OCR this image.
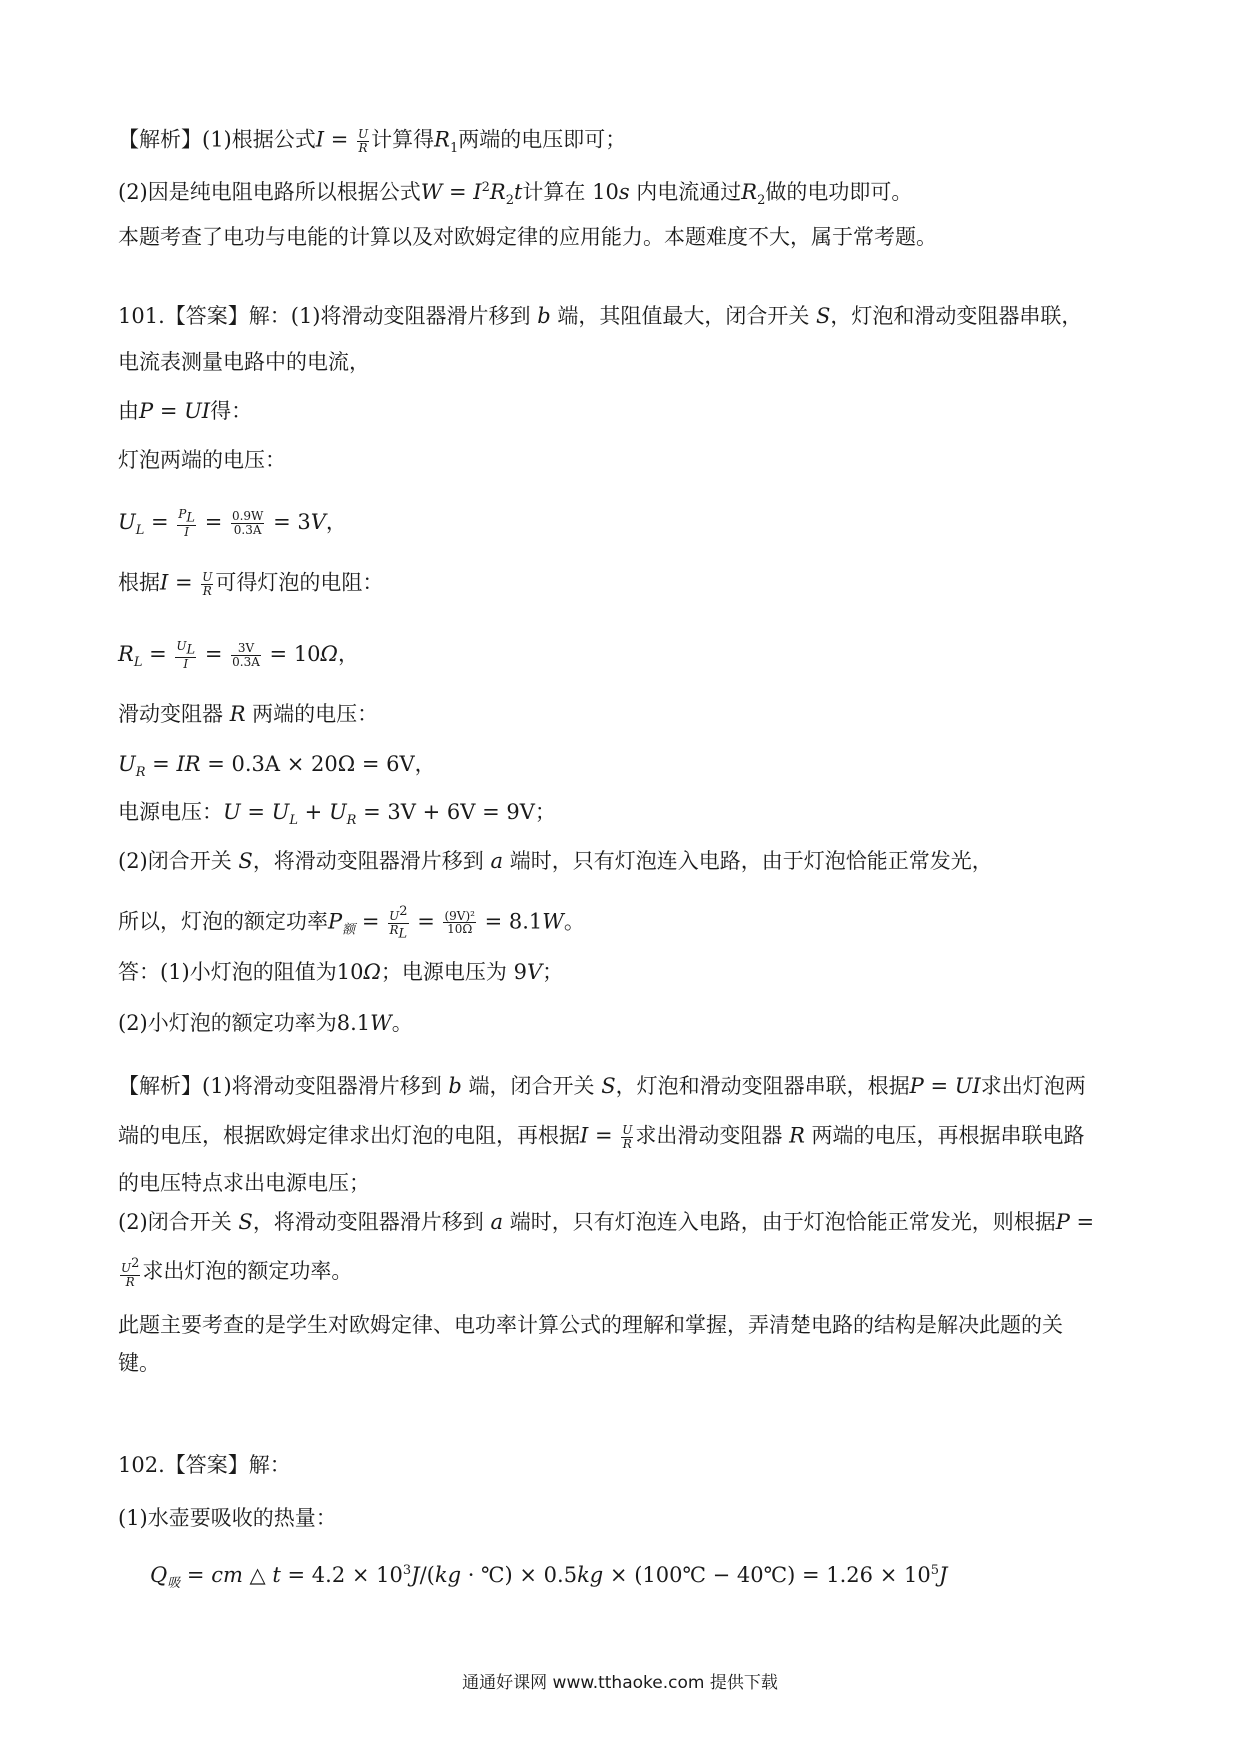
【解析】(1)根据公式$I = \frac{U}{R}$ 计算得$R_1$两端的电压即可；
(2)因是纯电阻电路所以根据公式$W = I^2R_2t$计算在 10s 内电流通过$R_2$做的电功即可。
本题考查了电功与电能的计算以及对欧姆定律的应用能力。本题难度不大，属于常考题。
101.【答案】解：(1)将滑动变阻器滑片移到 b 端，其阻值最大，闭合开关 S，灯泡和滑动变阻器串联，
电流表测量电路中的电流，
由P = UI得：
灯泡两端的电压：
$U_L = \frac{P_L}{I} = \frac{0.9W}{0.3A} = 3V$，
根据$I = \frac{U}{R}$ 可得灯泡的电阻：
$R_L = \frac{U_L}{I} = \frac{3V}{0.3A} = 10\Omega$，
滑动变阻器 R 两端的电压：
$U_R$ = IR = 0.3A × 20Ω = 6V，
电源电压：$U = U_L + U_R = 3V + 6V = 9V$；
(2)闭合开关 S，将滑动变阻器滑片移到 a 端时，只有灯泡连入电路，由于灯泡恰能正常发光，
所以，灯泡的额定功率$P_额 = \frac{U^2}{R_L} = \frac{\text{(9V)²}}{10\Omega} = 8.1W$。
答：(1)小灯泡的阻值为10Ω；电源电压为 9V；
(2)小灯泡的额定功率为8.1W。
【解析】(1)将滑动变阻器滑片移到 b 端，闭合开关 S，灯泡和滑动变阻器串联，根据P = UI求出灯泡两
端的电压，根据欧姆定律求出灯泡的电阻，再根据$I = \frac{U}{R}$ 求出滑动变阻器 R 两端的电压，再根据串联电路
的电压特点求出电源电压；
(2)闭合开关 S，将滑动变阻器滑片移到 a 端时，只有灯泡连入电路，由于灯泡恰能正常发光，则根据P =
$\frac{U^2}{R}$ 求出灯泡的额定功率。
此题主要考查的是学生对欧姆定律、电功率计算公式的理解和掌握，弄清楚电路的结构是解决此题的关
键。
102.【答案】解：
(1)水壶要吸收的热量：
$Q_吸$ = cm △ $t = 4.2 \times 10^3J/(kg$ · ℃) × 0.5kg × (100℃ − 40℃) = $1.26 \times 10^5J$
通通好课网 www.tthaoke.com 提供下载
